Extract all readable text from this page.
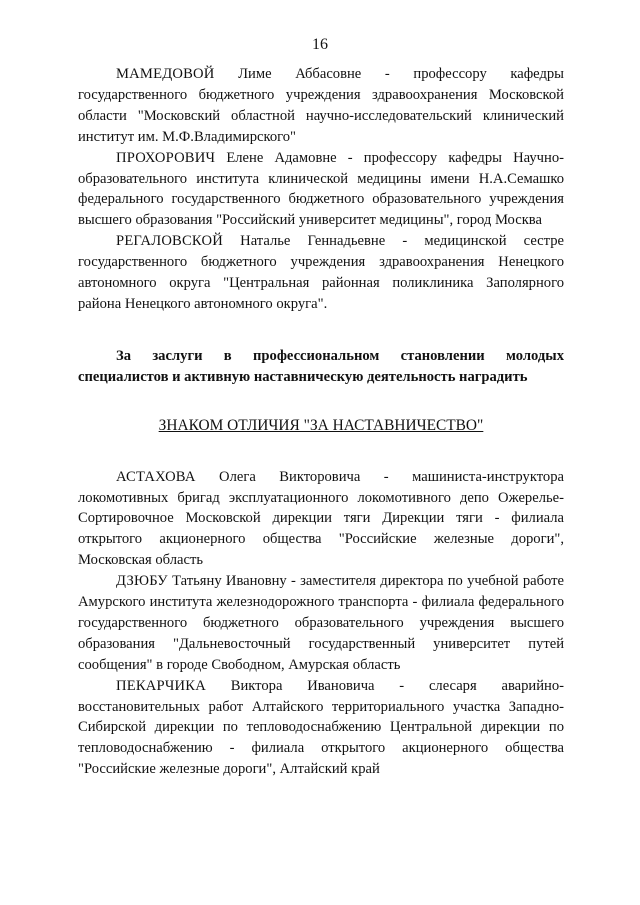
16

МАМЕДОВОЙ Лиме Аббасовне - профессору кафедры государственного бюджетного учреждения здравоохранения Московской области "Московский областной научно-исследовательский клинический институт им. М.Ф.Владимирского"

ПРОХОРОВИЧ Елене Адамовне - профессору кафедры Научно-образовательного института клинической медицины имени Н.А.Семашко федерального государственного бюджетного образовательного учреждения высшего образования "Российский университет медицины", город Москва

РЕГАЛОВСКОЙ Наталье Геннадьевне - медицинской сестре государственного бюджетного учреждения здравоохранения Ненецкого автономного округа "Центральная районная поликлиника Заполярного района Ненецкого автономного округа".

За заслуги в профессиональном становлении молодых специалистов и активную наставническую деятельность наградить

ЗНАКОМ ОТЛИЧИЯ "ЗА НАСТАВНИЧЕСТВО"

АСТАХОВА Олега Викторовича - машиниста-инструктора локомотивных бригад эксплуатационного локомотивного депо Ожерелье-Сортировочное Московской дирекции тяги Дирекции тяги - филиала открытого акционерного общества "Российские железные дороги", Московская область

ДЗЮБУ Татьяну Ивановну - заместителя директора по учебной работе Амурского института железнодорожного транспорта - филиала федерального государственного бюджетного образовательного учреждения высшего образования "Дальневосточный государственный университет путей сообщения" в городе Свободном, Амурская область

ПЕКАРЧИКА Виктора Ивановича - слесаря аварийно-восстановительных работ Алтайского территориального участка Западно-Сибирской дирекции по тепловодоснабжению Центральной дирекции по тепловодоснабжению - филиала открытого акционерного общества "Российские железные дороги", Алтайский край
